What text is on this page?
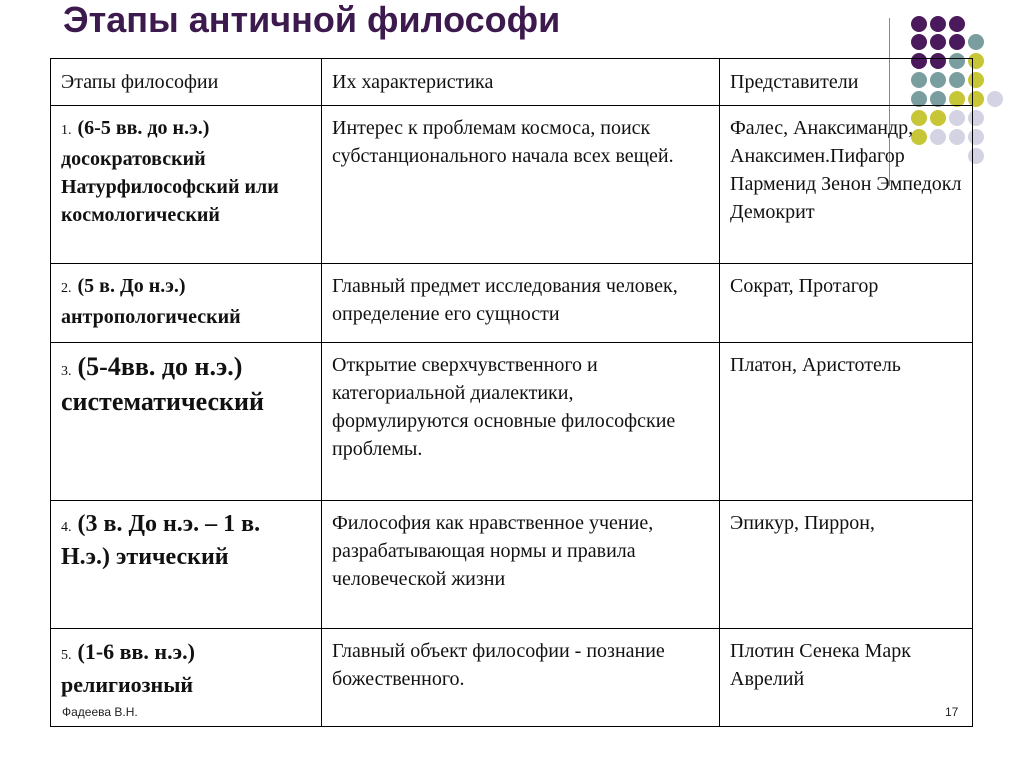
Этапы античной философи
Этапы философии	Их характеристика	Представители
1. (6-5 вв. до н.э.) досократовский Натурфилософский или космологический	Интерес к проблемам космоса, поиск субстанционального начала всех вещей.	Фалес, Анаксимандр, Анаксимен.Пифагор Парменид Зенон Эмпедокл Демокрит
2. (5 в. До н.э.) антропологический	Главный предмет исследования человек, определение его сущности	Сократ, Протагор
3. (5-4вв. до н.э.) систематический	Открытие сверхчувственного и категориальной диалектики, формулируются основные философские проблемы.	Платон, Аристотель
4. (3 в. До н.э. – 1 в. Н.э.) этический	Философия как нравственное учение, разрабатывающая нормы и правила человеческой жизни	Эпикур, Пиррон,
5. (1-6 вв. н.э.) религиозный	Главный объект философии - познание божественного.	Плотин Сенека Марк Аврелий
Фадеева В.Н.	17
